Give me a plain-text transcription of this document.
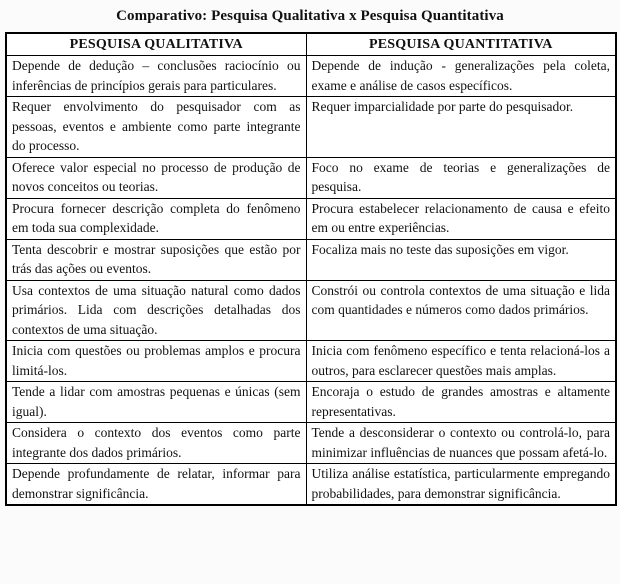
Comparativo: Pesquisa Qualitativa x Pesquisa Quantitativa
PESQUISA QUALITATIVA	PESQUISA QUANTITATIVA
Depende de dedução – conclusões raciocínio ou inferências de princípios gerais para particulares.	Depende de indução - generalizações pela coleta, exame e análise de casos específicos.
Requer envolvimento do pesquisador com as pessoas, eventos e ambiente como parte integrante do processo.	Requer imparcialidade por parte do pesquisador.
Oferece valor especial no processo de produção de novos conceitos ou teorias.	Foco no exame de teorias e generalizações de pesquisa.
Procura fornecer descrição completa do fenômeno em toda sua complexidade.	Procura estabelecer relacionamento de causa e efeito em ou entre experiências.
Tenta descobrir e mostrar suposições que estão por trás das ações ou eventos.	Focaliza mais no teste das suposições em vigor.
Usa contextos de uma situação natural como dados primários. Lida com descrições detalhadas dos contextos de uma situação.	Constrói ou controla contextos de uma situação e lida com quantidades e números como dados primários.
Inicia com questões ou problemas amplos e procura limitá-los.	Inicia com fenômeno específico e tenta relacioná-los a outros, para esclarecer questões mais amplas.
Tende a lidar com amostras pequenas e únicas (sem igual).	Encoraja o estudo de grandes amostras e altamente representativas.
Considera o contexto dos eventos como parte integrante dos dados primários.	Tende a desconsiderar o contexto ou controlá-lo, para minimizar influências de nuances que possam afetá-lo.
Depende profundamente de relatar, informar para demonstrar significância.	Utiliza análise estatística, particularmente empregando probabilidades, para demonstrar significância.
